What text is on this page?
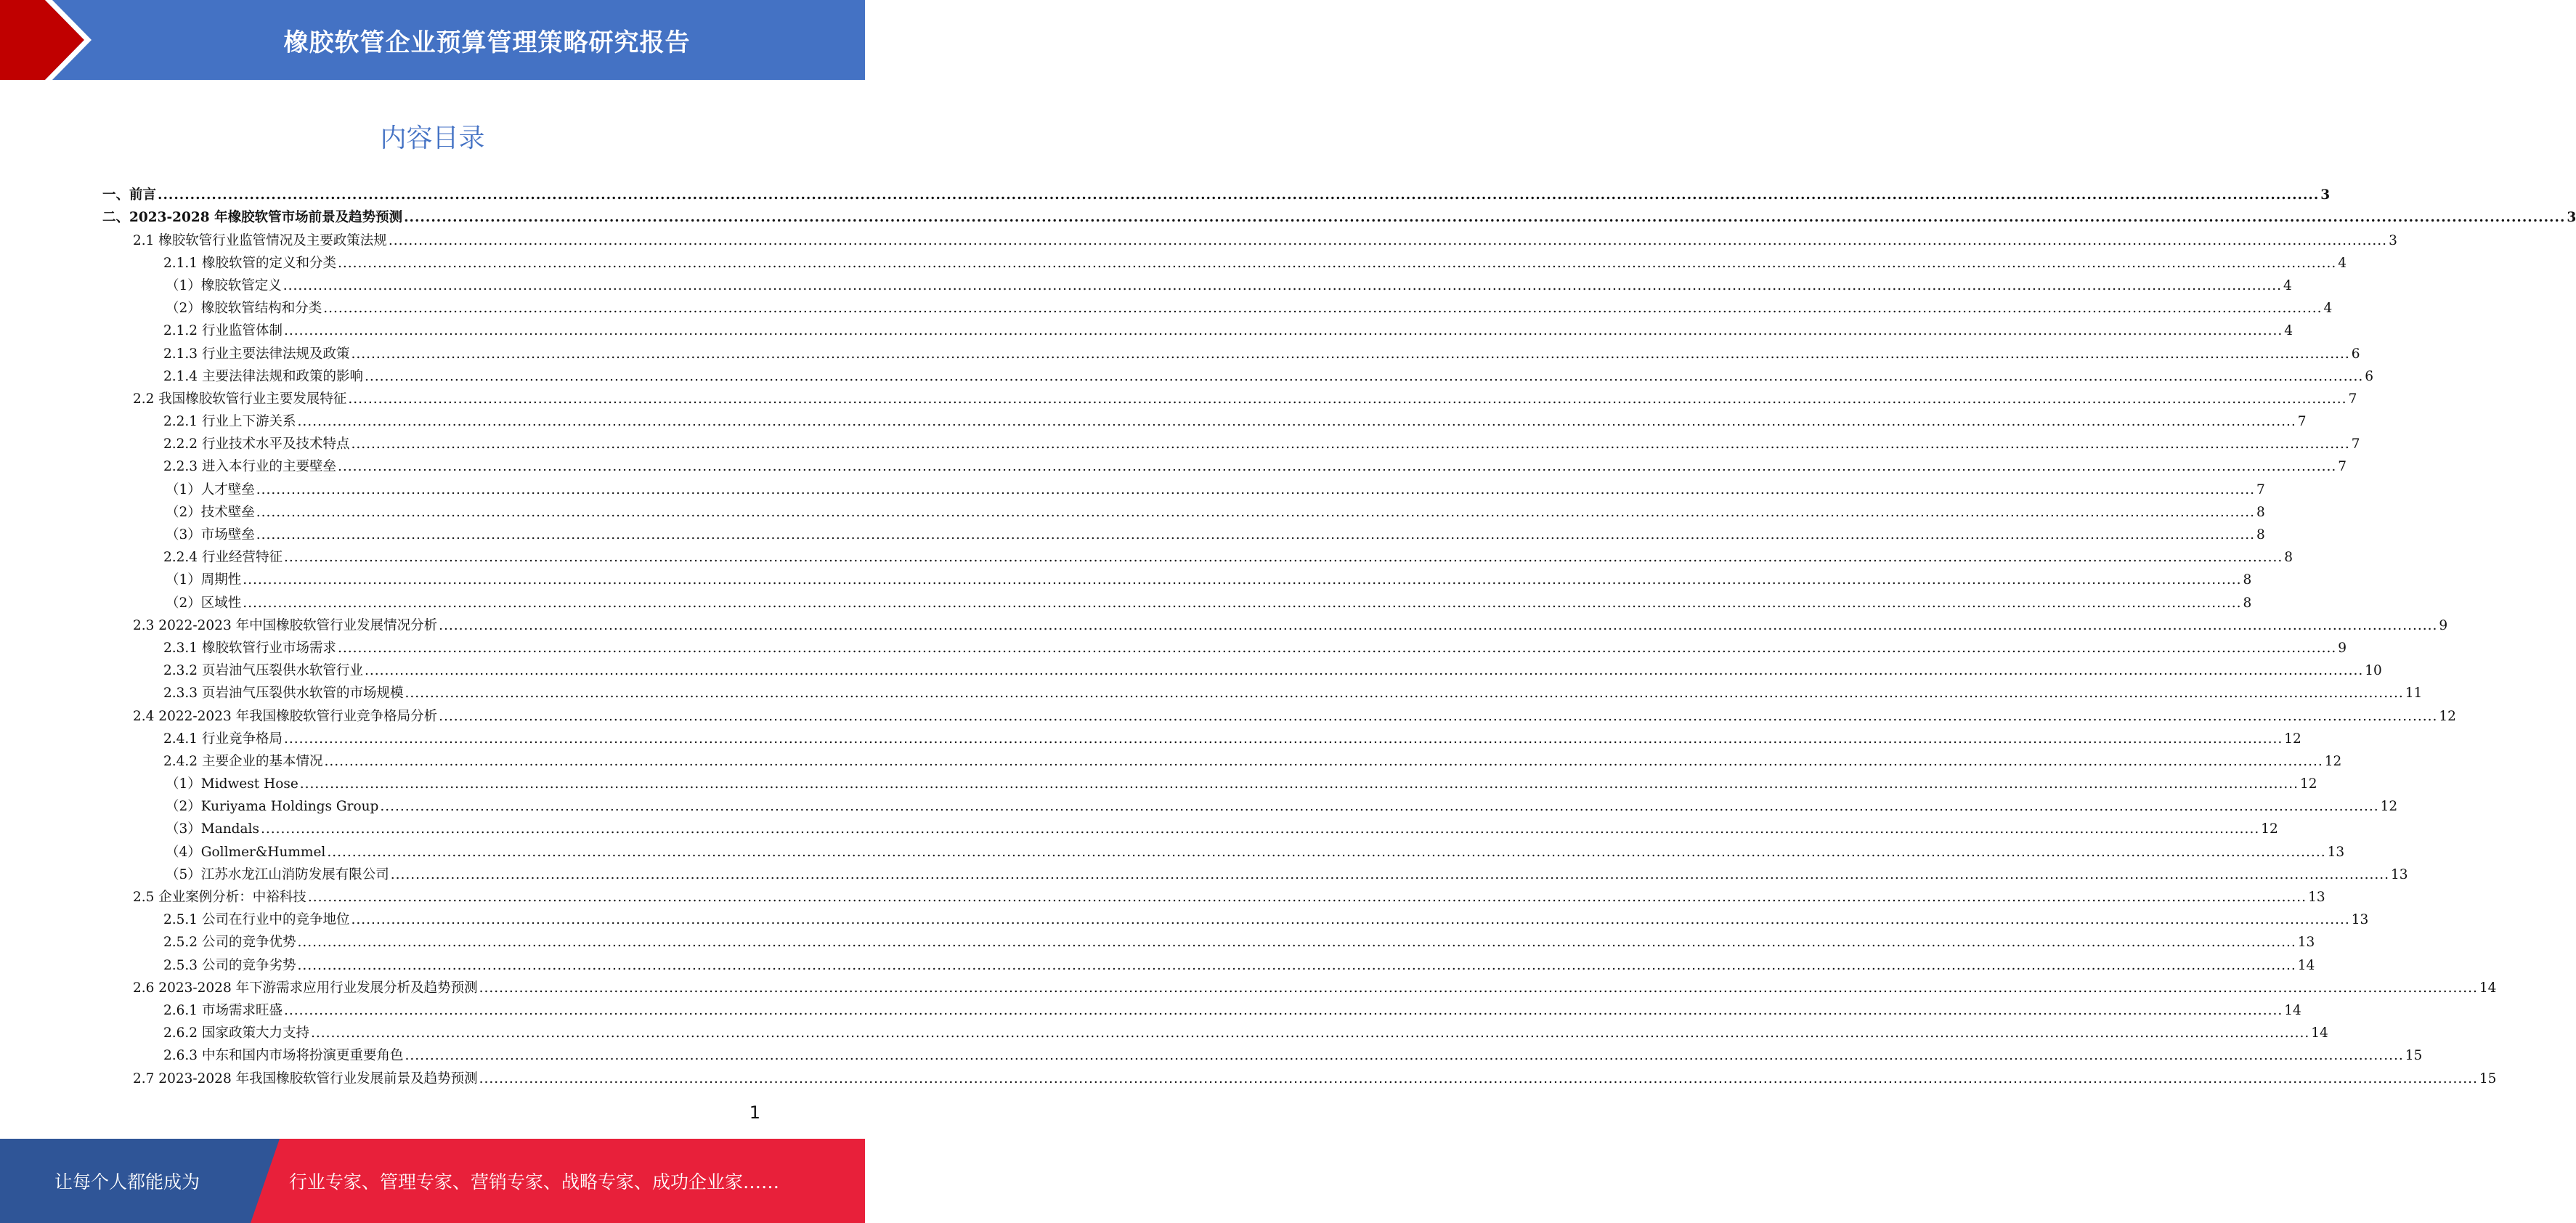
橡胶软管企业预算管理策略研究报告
内容目录
一、前言 ................................................................................................................................................................................................................................................................................................................................................................................................................ 3
二、2023-2028 年橡胶软管市场前景及趋势预测 ................................................................................................................................................................................................................................................................................................................................................................................................................ 3
2.1 橡胶软管行业监管情况及主要政策法规 ................................................................................................................................................................................................................................................................................................................................................................................................................ 3
2.1.1 橡胶软管的定义和分类 ................................................................................................................................................................................................................................................................................................................................................................................................................ 4
（1）橡胶软管定义 ................................................................................................................................................................................................................................................................................................................................................................................................................ 4
（2）橡胶软管结构和分类 ................................................................................................................................................................................................................................................................................................................................................................................................................ 4
2.1.2 行业监管体制 ................................................................................................................................................................................................................................................................................................................................................................................................................ 4
2.1.3 行业主要法律法规及政策 ................................................................................................................................................................................................................................................................................................................................................................................................................ 6
2.1.4 主要法律法规和政策的影响 ................................................................................................................................................................................................................................................................................................................................................................................................................ 6
2.2 我国橡胶软管行业主要发展特征 ................................................................................................................................................................................................................................................................................................................................................................................................................ 7
2.2.1 行业上下游关系 ................................................................................................................................................................................................................................................................................................................................................................................................................ 7
2.2.2 行业技术水平及技术特点 ................................................................................................................................................................................................................................................................................................................................................................................................................ 7
2.2.3 进入本行业的主要壁垒 ................................................................................................................................................................................................................................................................................................................................................................................................................ 7
（1）人才壁垒 ................................................................................................................................................................................................................................................................................................................................................................................................................ 7
（2）技术壁垒 ................................................................................................................................................................................................................................................................................................................................................................................................................ 8
（3）市场壁垒 ................................................................................................................................................................................................................................................................................................................................................................................................................ 8
2.2.4 行业经营特征 ................................................................................................................................................................................................................................................................................................................................................................................................................ 8
（1）周期性 ................................................................................................................................................................................................................................................................................................................................................................................................................ 8
（2）区域性 ................................................................................................................................................................................................................................................................................................................................................................................................................ 8
2.3 2022-2023 年中国橡胶软管行业发展情况分析 ................................................................................................................................................................................................................................................................................................................................................................................................................ 9
2.3.1 橡胶软管行业市场需求 ................................................................................................................................................................................................................................................................................................................................................................................................................ 9
2.3.2 页岩油气压裂供水软管行业 ................................................................................................................................................................................................................................................................................................................................................................................................................ 10
2.3.3 页岩油气压裂供水软管的市场规模 ................................................................................................................................................................................................................................................................................................................................................................................................................ 11
2.4 2022-2023 年我国橡胶软管行业竞争格局分析 ................................................................................................................................................................................................................................................................................................................................................................................................................ 12
2.4.1 行业竞争格局 ................................................................................................................................................................................................................................................................................................................................................................................................................ 12
2.4.2 主要企业的基本情况 ................................................................................................................................................................................................................................................................................................................................................................................................................ 12
（1）Midwest Hose ................................................................................................................................................................................................................................................................................................................................................................................................................ 12
（2）Kuriyama Holdings Group ................................................................................................................................................................................................................................................................................................................................................................................................................ 12
（3）Mandals ................................................................................................................................................................................................................................................................................................................................................................................................................ 12
（4）Gollmer&Hummel ................................................................................................................................................................................................................................................................................................................................................................................................................ 13
（5）江苏水龙江山消防发展有限公司 ................................................................................................................................................................................................................................................................................................................................................................................................................ 13
2.5 企业案例分析：中裕科技 ................................................................................................................................................................................................................................................................................................................................................................................................................ 13
2.5.1 公司在行业中的竞争地位 ................................................................................................................................................................................................................................................................................................................................................................................................................ 13
2.5.2 公司的竞争优势 ................................................................................................................................................................................................................................................................................................................................................................................................................ 13
2.5.3 公司的竞争劣势 ................................................................................................................................................................................................................................................................................................................................................................................................................ 14
2.6 2023-2028 年下游需求应用行业发展分析及趋势预测 ................................................................................................................................................................................................................................................................................................................................................................................................................ 14
2.6.1 市场需求旺盛 ................................................................................................................................................................................................................................................................................................................................................................................................................ 14
2.6.2 国家政策大力支持 ................................................................................................................................................................................................................................................................................................................................................................................................................ 14
2.6.3 中东和国内市场将扮演更重要角色 ................................................................................................................................................................................................................................................................................................................................................................................................................ 15
2.7 2023-2028 年我国橡胶软管行业发展前景及趋势预测 ................................................................................................................................................................................................................................................................................................................................................................................................................ 15
1
让每个人都能成为	行业专家、管理专家、营销专家、战略专家、成功企业家……
